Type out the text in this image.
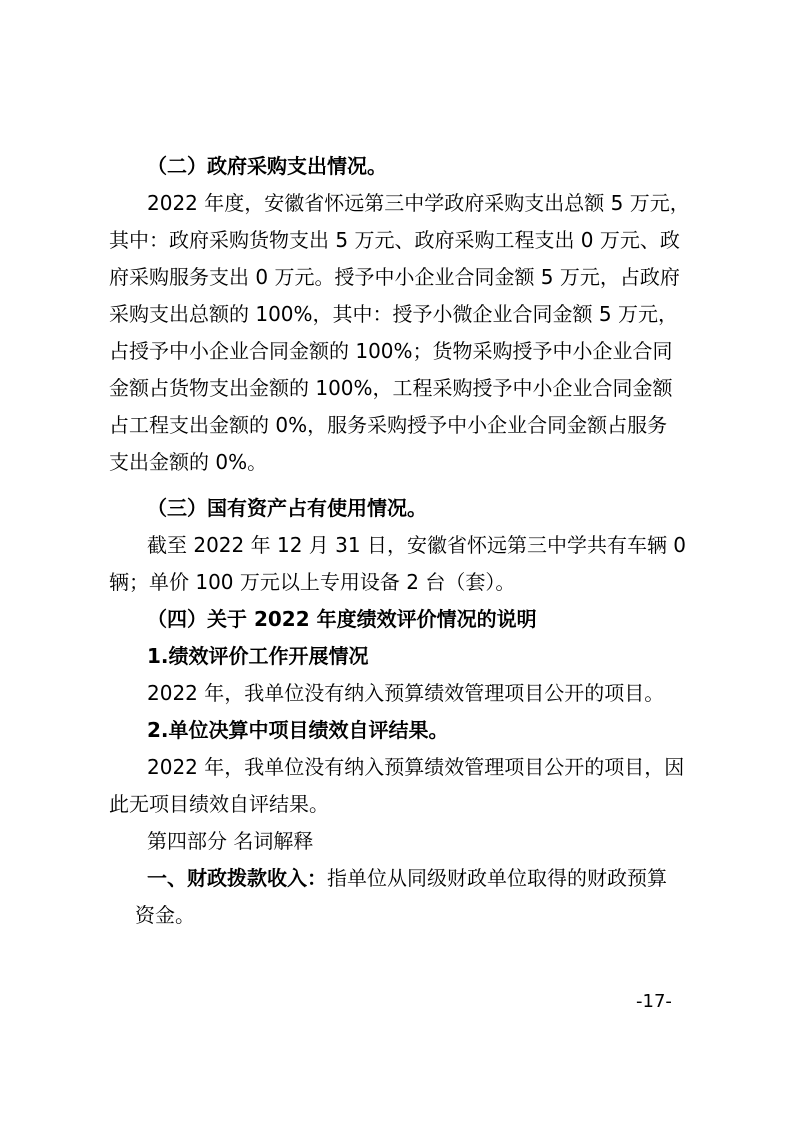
（二）政府采购支出情况。

2022 年度，安徽省怀远第三中学政府采购支出总额 5 万元，
其中：政府采购货物支出 5 万元、政府采购工程支出 0 万元、政
府采购服务支出 0 万元。授予中小企业合同金额 5 万元，占政府
采购支出总额的 100%，其中：授予小微企业合同金额 5 万元，
占授予中小企业合同金额的 100%；货物采购授予中小企业合同
金额占货物支出金额的 100%，工程采购授予中小企业合同金额
占工程支出金额的 0%，服务采购授予中小企业合同金额占服务
支出金额的 0%。

（三）国有资产占有使用情况。

截至 2022 年 12 月 31 日，安徽省怀远第三中学共有车辆 0
辆；单价 100 万元以上专用设备 2 台（套）。

（四）关于 2022 年度绩效评价情况的说明
1.绩效评价工作开展情况

2022 年，我单位没有纳入预算绩效管理项目公开的项目。

2.单位决算中项目绩效自评结果。

2022 年，我单位没有纳入预算绩效管理项目公开的项目，因
此无项目绩效自评结果。

第四部分 名词解释

一、财政拨款收入：指单位从同级财政单位取得的财政预算
资金。

-17-
